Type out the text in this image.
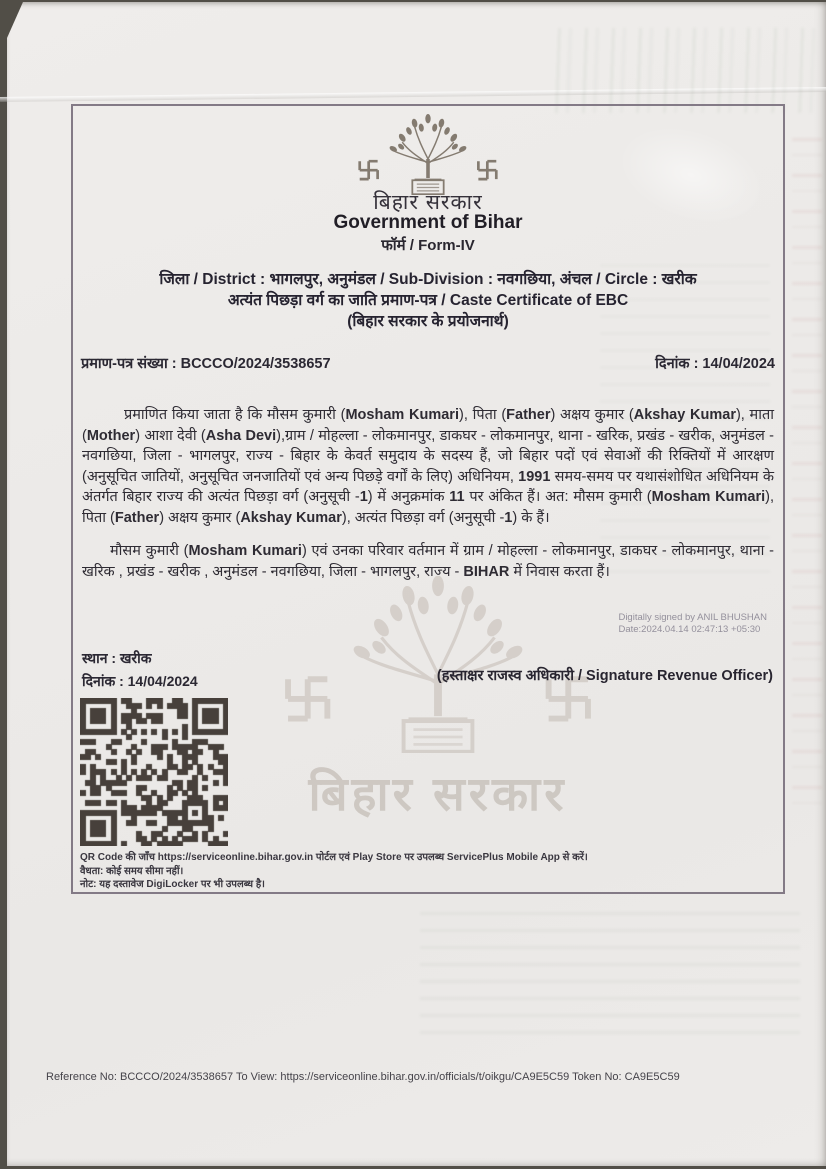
बिहार सरकार
बिहार सरकार
Government of Bihar
फॉर्म / Form-IV
जिला / District : भागलपुर, अनुमंडल / Sub-Division : नवगछिया, अंचल / Circle : खरीक
अत्यंत पिछड़ा वर्ग का जाति प्रमाण-पत्र / Caste Certificate of EBC
(बिहार सरकार के प्रयोजनार्थ)
प्रमाण-पत्र संख्या : BCCCO/2024/3538657	दिनांक : 14/04/2024
प्रमाणित किया जाता है कि मौसम कुमारी (Mosham Kumari), पिता (Father) अक्षय कुमार (Akshay Kumar), माता (Mother) आशा देवी (Asha Devi),ग्राम / मोहल्ला - लोकमानपुर, डाकघर - लोकमानपुर, थाना - खरिक, प्रखंड - खरीक, अनुमंडल - नवगछिया, जिला - भागलपुर, राज्य - बिहार के केवर्त समुदाय के सदस्य हैं, जो बिहार पदों एवं सेवाओं की रिक्तियों में आरक्षण (अनुसूचित जातियों, अनुसूचित जनजातियों एवं अन्य पिछड़े वर्गों के लिए) अधिनियम, 1991 समय-समय पर यथासंशोधित अधिनियम के अंतर्गत बिहार राज्य की अत्यंत पिछड़ा वर्ग (अनुसूची -1) में अनुक्रमांक 11 पर अंकित हैं। अत: मौसम कुमारी (Mosham Kumari), पिता (Father) अक्षय कुमार (Akshay Kumar), अत्यंत पिछड़ा वर्ग (अनुसूची -1) के हैं।
मौसम कुमारी (Mosham Kumari) एवं उनका परिवार वर्तमान में ग्राम / मोहल्ला - लोकमानपुर, डाकघर - लोकमानपुर, थाना - खरिक , प्रखंड - खरीक , अनुमंडल - नवगछिया, जिला - भागलपुर, राज्य - BIHAR में निवास करता हैं।
Digitally signed by ANIL BHUSHAN
Date:2024.04.14 02:47:13 +05:30
स्थान : खरीक
दिनांक : 14/04/2024	(हस्ताक्षर राजस्व अधिकारी / Signature Revenue Officer)
QR Code की जाँच https://serviceonline.bihar.gov.in पोर्टल एवं Play Store पर उपलब्ध ServicePlus Mobile App से करें।
वैधता: कोई समय सीमा नहीं।
नोट: यह दस्तावेज DigiLocker पर भी उपलब्ध है।
Reference No: BCCCO/2024/3538657 To View: https://serviceonline.bihar.gov.in/officials/t/oikgu/CA9E5C59 Token No: CA9E5C59
